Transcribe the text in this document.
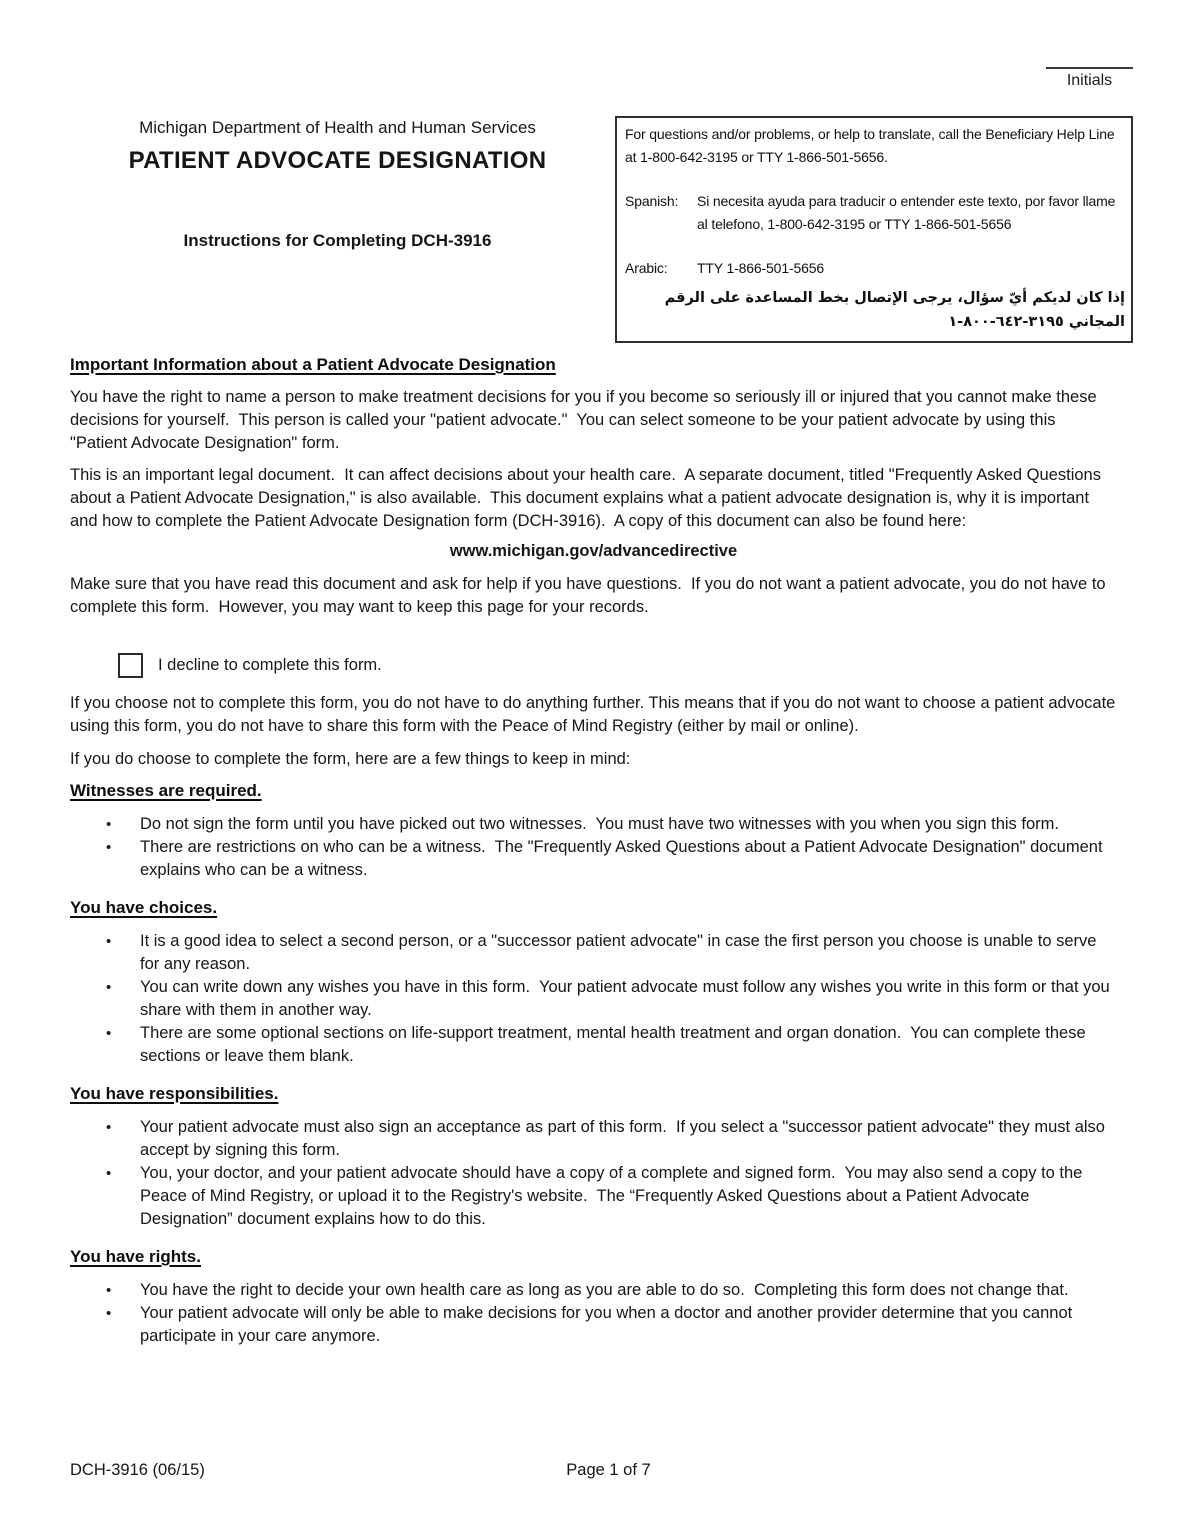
Initials
Michigan Department of Health and Human Services
PATIENT ADVOCATE DESIGNATION
Instructions for Completing DCH-3916
For questions and/or problems, or help to translate, call the Beneficiary Help Line at 1-800-642-3195 or TTY 1-866-501-5656.
Spanish:	Si necesita ayuda para traducir o entender este texto, por favor llame al telefono, 1-800-642-3195 or TTY 1-866-501-5656
Arabic:	TTY 1-866-501-5656
إذا كان لديكم أيّ سؤال، يرجى الإتصال بخط المساعدة على الرقم المجاني ٣١٩٥-٦٤٢-٨٠٠-١
Important Information about a Patient Advocate Designation

You have the right to name a person to make treatment decisions for you if you become so seriously ill or injured that you cannot make these decisions for yourself.  This person is called your "patient advocate."  You can select someone to be your patient advocate by using this "Patient Advocate Designation" form.

This is an important legal document.  It can affect decisions about your health care.  A separate document, titled "Frequently Asked Questions about a Patient Advocate Designation," is also available.  This document explains what a patient advocate designation is, why it is important and how to complete the Patient Advocate Designation form (DCH-3916).  A copy of this document can also be found here:

www.michigan.gov/advancedirective

Make sure that you have read this document and ask for help if you have questions.  If you do not want a patient advocate, you do not have to complete this form.  However, you may want to keep this page for your records.

I decline to complete this form.

If you choose not to complete this form, you do not have to do anything further. This means that if you do not want to choose a patient advocate using this form, you do not have to share this form with the Peace of Mind Registry (either by mail or online).

If you do choose to complete the form, here are a few things to keep in mind:

Witnesses are required.
• Do not sign the form until you have picked out two witnesses.  You must have two witnesses with you when you sign this form.
• There are restrictions on who can be a witness.  The "Frequently Asked Questions about a Patient Advocate Designation" document explains who can be a witness.
You have choices.
• It is a good idea to select a second person, or a "successor patient advocate" in case the first person you choose is unable to serve for any reason.
• You can write down any wishes you have in this form.  Your patient advocate must follow any wishes you write in this form or that you share with them in another way.
• There are some optional sections on life-support treatment, mental health treatment and organ donation.  You can complete these sections or leave them blank.
You have responsibilities.
• Your patient advocate must also sign an acceptance as part of this form.  If you select a "successor patient advocate" they must also accept by signing this form.
• You, your doctor, and your patient advocate should have a copy of a complete and signed form.  You may also send a copy to the Peace of Mind Registry, or upload it to the Registry's website.  The “Frequently Asked Questions about a Patient Advocate Designation” document explains how to do this.
You have rights.
• You have the right to decide your own health care as long as you are able to do so.  Completing this form does not change that.
• Your patient advocate will only be able to make decisions for you when a doctor and another provider determine that you cannot participate in your care anymore.
DCH-3916 (06/15)	Page 1 of 7
